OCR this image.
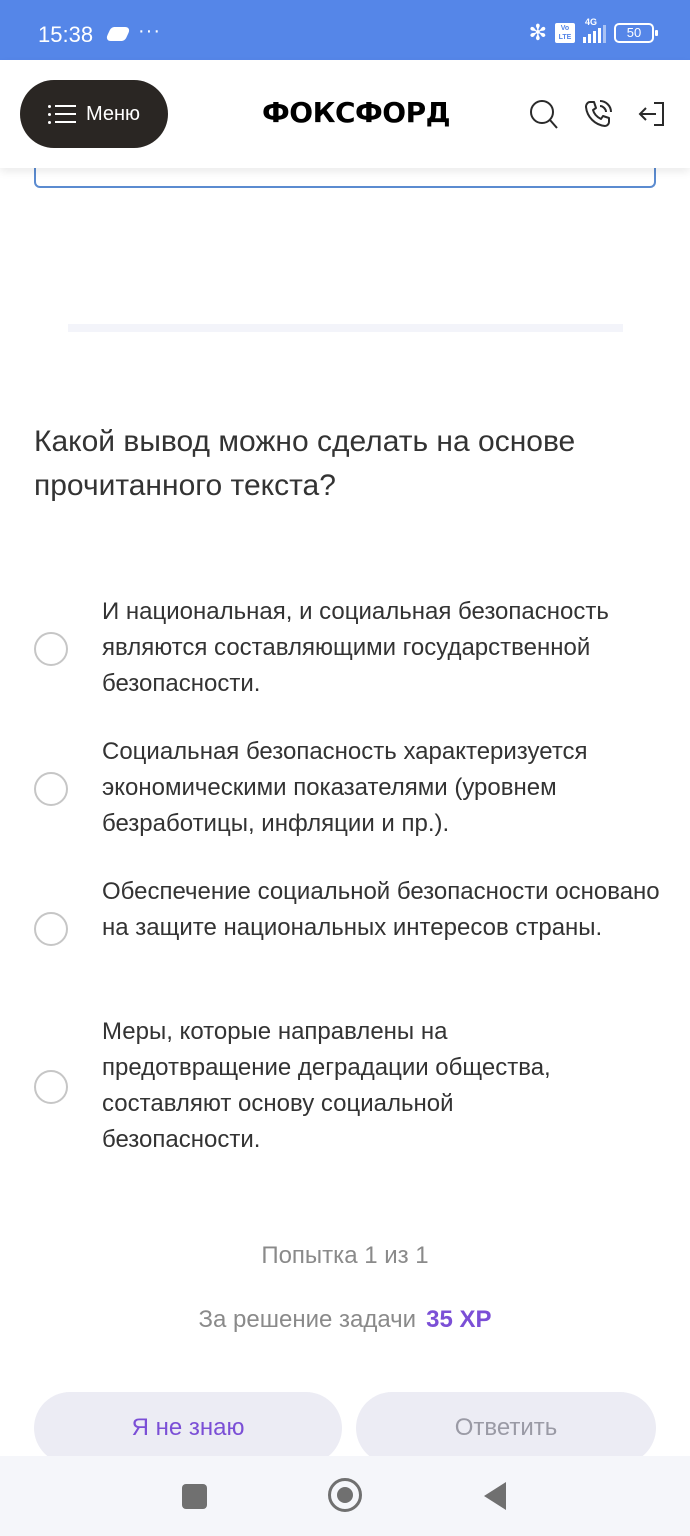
15:38 ···	✻	Vo LTE
4G
50
Меню	ФОКСФОРД
Какой вывод можно сделать на основе прочитанного текста?
И национальная, и социальная безопасность являются составляющими государственной безопасности.
Социальная безопасность характеризуется экономическими показателями (уровнем безработицы, инфляции и пр.).
Обеспечение социальной безопасности основано на защите национальных интересов страны.
Меры, которые направлены на предотвращение деградации общества, составляют основу социальной безопасности.
Попытка 1 из 1
За решение задачи 35 XP
Я не знаю	Ответить
